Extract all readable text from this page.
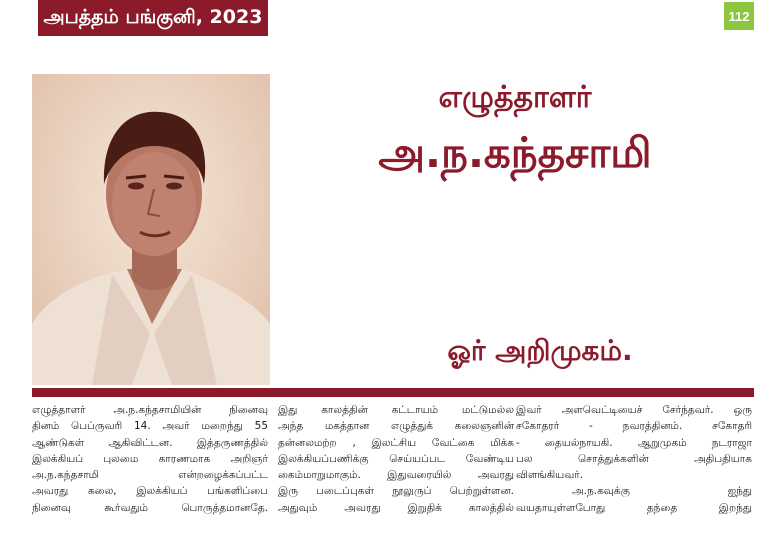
அபத்தம் பங்குனி, 2023	112
எழுத்தாளர்
அ.ந.கந்தசாமி
ஓர் அறிமுகம்.
எழுத்தாளர் அ.ந.கந்தசாமியின் நினைவு
தினம் பெப்ருவரி 14. அவர் மறைந்து 55
ஆண்டுகள் ஆகிவிட்டன. இத்தருணத்தில்
இலக்கியப் புலமை காரணமாக அறிஞர்
அ.ந.கந்தசாமி என்றழைக்கப்பட்ட
அவரது கலை, இலக்கியப் பங்களிப்பை
நினைவு கூர்வதும் பொருத்தமானதே.
இது காலத்தின் கட்டாயம் மட்டுமல்ல
அந்த மகத்தான எழுத்துக் கலைஞனின்
தன்னலமற்ற , இலட்சிய வேட்கை மிக்க
இலக்கியப்பணிக்கு செய்யப்பட வேண்டிய
கைம்மாறுமாகும். இதுவரையில் அவரது
இரு படைப்புகள் நூலுருப் பெற்றுள்ளன.
அதுவும் அவரது இறுதிக் காலத்தில்
இவர் அளவெட்டியைச் சேர்ந்தவர். ஒரு
சகோதரர் - நவரத்தினம். சகோதரி
- தையல்நாயகி. ஆறுமுகம் நடராஜா
பல சொத்துக்களின் அதிபதியாக
விளங்கியவர்.
அ.ந.கவுக்கு ஐந்து
வயதாயுள்ளபோது தந்தை இறந்து
